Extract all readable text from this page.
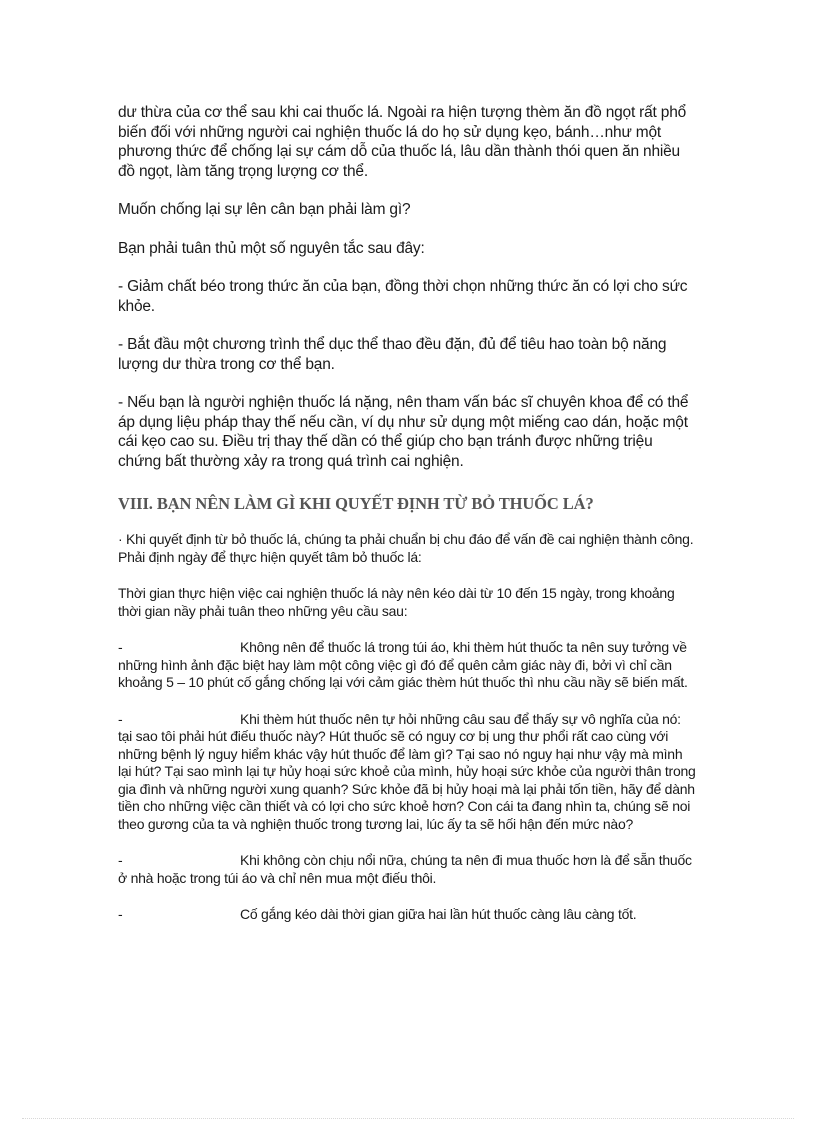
dư thừa của cơ thể sau khi cai thuốc lá. Ngoài ra hiện tượng thèm ăn đồ ngọt rất phổ biến đối với những người cai nghiện thuốc lá do họ sử dụng kẹo, bánh…như một phương thức để chống lại sự cám dỗ của thuốc lá, lâu dần thành thói quen ăn nhiều đồ ngọt, làm tăng trọng lượng cơ thể.

Muốn chống lại sự lên cân bạn phải làm gì?

Bạn phải tuân thủ một số nguyên tắc sau đây:

- Giảm chất béo trong thức ăn của bạn, đồng thời chọn những thức ăn có lợi cho sức khỏe.

- Bắt đầu một chương trình thể dục thể thao đều đặn, đủ để tiêu hao toàn bộ năng lượng dư thừa trong cơ thể bạn.

- Nếu bạn là người nghiện thuốc lá nặng, nên tham vấn bác sĩ chuyên khoa để có thể áp dụng liệu pháp thay thế nếu cần, ví dụ như sử dụng một miếng cao dán, hoặc một cái kẹo cao su. Điều trị thay thế dần có thể giúp cho bạn tránh được những triệu chứng bất thường xảy ra trong quá trình cai nghiện.

VIII. BẠN NÊN LÀM GÌ KHI QUYẾT ĐỊNH TỪ BỎ THUỐC LÁ?

· Khi quyết định từ bỏ thuốc lá, chúng ta phải chuẩn bị chu đáo để vấn đề cai nghiện thành công. Phải định ngày để thực hiện quyết tâm bỏ thuốc lá:

Thời gian thực hiện việc cai nghiện thuốc lá này nên kéo dài từ 10 đến 15 ngày, trong khoảng thời gian nầy phải tuân theo những yêu cầu sau:

-	Không nên để thuốc lá trong túi áo, khi thèm hút thuốc ta nên suy tưởng về những hình ảnh đặc biệt hay làm một công việc gì đó để quên cảm giác này đi, bởi vì chỉ cần khoảng 5 – 10 phút cố gắng chống lại với cảm giác thèm hút thuốc thì nhu cầu nầy sẽ biến mất.

-	Khi thèm hút thuốc nên tự hỏi những câu sau để thấy sự vô nghĩa của nó: tại sao tôi phải hút điếu thuốc này? Hút thuốc sẽ có nguy cơ bị ung thư phổi rất cao cùng với những bệnh lý nguy hiểm khác vậy hút thuốc để làm gì? Tại sao nó nguy hại như vậy mà mình lại hút? Tại sao mình lại tự hủy hoại sức khoẻ của mình, hủy hoại sức khỏe của người thân trong gia đình và những người xung quanh? Sức khỏe đã bị hủy hoại mà lại phải tốn tiền, hãy để dành tiền cho những việc cần thiết và có lợi cho sức khoẻ hơn? Con cái ta đang nhìn ta, chúng sẽ noi theo gương của ta và nghiện thuốc trong tương lai, lúc ấy ta sẽ hối hận đến mức nào?

-	Khi không còn chịu nổi nữa, chúng ta nên đi mua thuốc hơn là để sẵn thuốc ở nhà hoặc trong túi áo và chỉ nên mua một điếu thôi.

-	Cố gắng kéo dài thời gian giữa hai lần hút thuốc càng lâu càng tốt.
